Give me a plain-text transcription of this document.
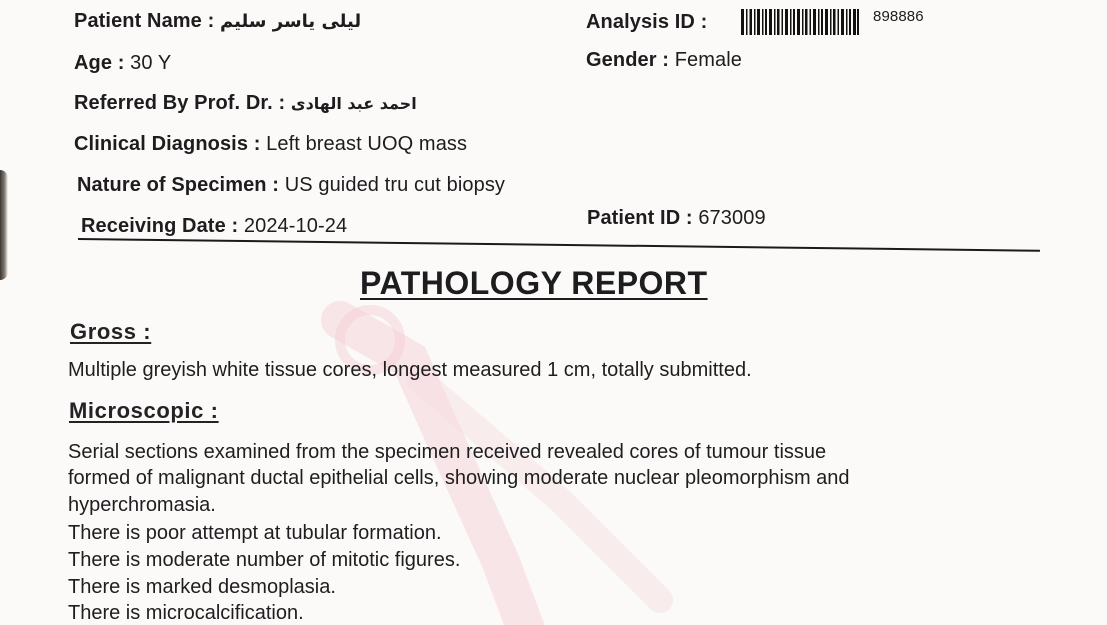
Patient Name : ليلى ياسر سليم	Analysis ID :	898886
Age : 30 Y	Gender : Female
Referred By Prof. Dr. : احمد عبد الهادى
Clinical Diagnosis : Left breast UOQ mass
Nature of Specimen : US guided tru cut biopsy
Receiving Date : 2024-10-24	Patient ID : 673009
PATHOLOGY REPORT
Gross :
Multiple greyish white tissue cores, longest measured 1 cm, totally submitted.
Microscopic :
Serial sections examined from the specimen received revealed cores of tumour tissue
formed of malignant ductal epithelial cells, showing moderate nuclear pleomorphism and
hyperchromasia.
There is poor attempt at tubular formation.
There is moderate number of mitotic figures.
There is marked desmoplasia.
There is microcalcification.
